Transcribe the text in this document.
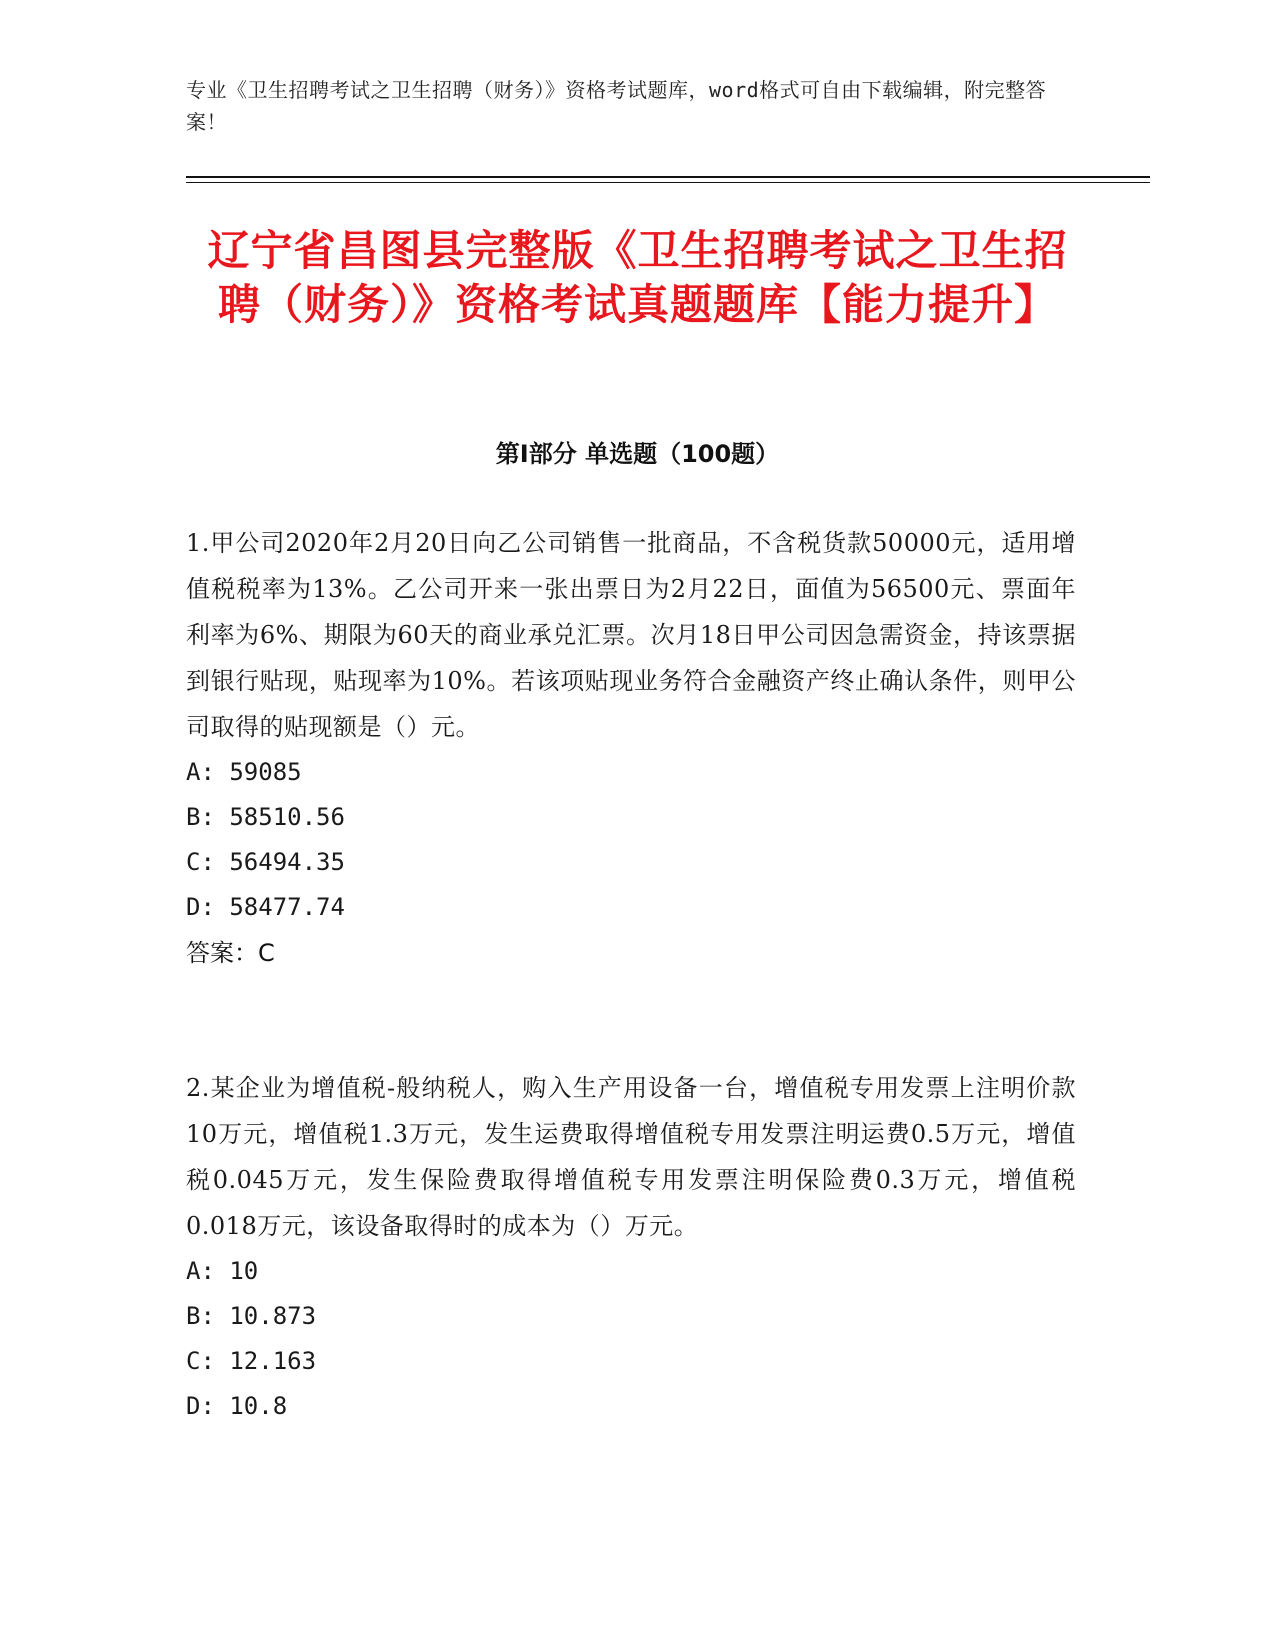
专业《卫生招聘考试之卫生招聘（财务）》资格考试题库，word格式可自由下载编辑，附完整答案！
辽宁省昌图县完整版《卫生招聘考试之卫生招聘（财务）》资格考试真题题库【能力提升】
第Ⅰ部分 单选题（100题）
1.甲公司2020年2月20日向乙公司销售一批商品，不含税货款50000元，适用增值税税率为13%。乙公司开来一张出票日为2月22日，面值为56500元、票面年利率为6%、期限为60天的商业承兑汇票。次月18日甲公司因急需资金，持该票据到银行贴现，贴现率为10%。若该项贴现业务符合金融资产终止确认条件，则甲公司取得的贴现额是（）元。
A: 59085
B: 58510.56
C: 56494.35
D: 58477.74
答案：C
2.某企业为增值税-般纳税人，购入生产用设备一台，增值税专用发票上注明价款10万元，增值税1.3万元，发生运费取得增值税专用发票注明运费0.5万元，增值税0.045万元，发生保险费取得增值税专用发票注明保险费0.3万元，增值税0.018万元，该设备取得时的成本为（）万元。
A: 10
B: 10.873
C: 12.163
D: 10.8
